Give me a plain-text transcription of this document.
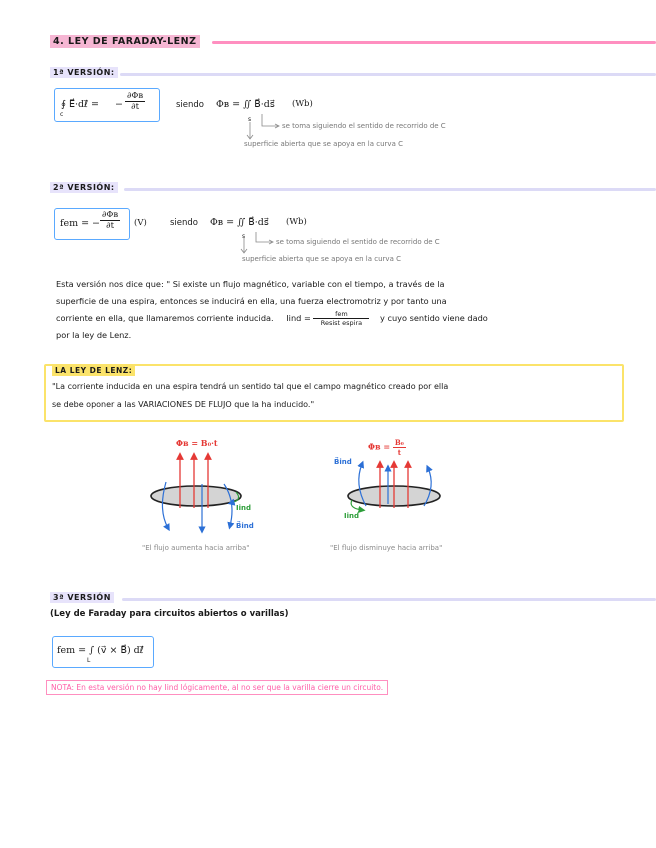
4. LEY DE FARADAY-LENZ
1ª VERSIÓN:
∮ E⃗·dℓ⃗ = −
∂Φв
∂t
c
siendo Φв = ∬ B⃗·ds⃗ (Wb)
s
se toma siguiendo el sentido de recorrido de C
superficie abierta que se apoya en la curva C
2ª VERSIÓN:
fem = −
∂Φв
∂t	(V)	siendo Φв = ∬ B⃗·ds⃗ (Wb)
s
se toma siguiendo el sentido de recorrido de C
superficie abierta que se apoya en la curva C
Esta versión nos dice que: " Si existe un flujo magnético, variable con el tiempo, a través de la
superficie de una espira, entonces se inducirá en ella, una fuerza electromotriz y por tanto una
corriente en ella, que llamaremos corriente inducida. Iind = $\frac{\text{fem}}{\text{Resist espira}}$ y cuyo sentido viene dado
por la ley de Lenz.
LA LEY DE LENZ:
"La corriente inducida en una espira tendrá un sentido tal que el campo magnético creado por ella
se debe oponer a las VARIACIONES DE FLUJO que la ha inducido."
Φв = B₀·t
Iind
B⃗ind
"El flujo aumenta hacia arriba"
$\Phi в = \frac{\text{B₀}}{t}$
B⃗ind
Iind
"El flujo disminuye hacia arriba"
3ª VERSIÓN
(Ley de Faraday para circuitos abiertos o varillas)
fem = ∫ (v⃗ × B⃗) dℓ⃗
L
NOTA: En esta versión no hay Iind lógicamente, al no ser que la varilla cierre un circuito.
